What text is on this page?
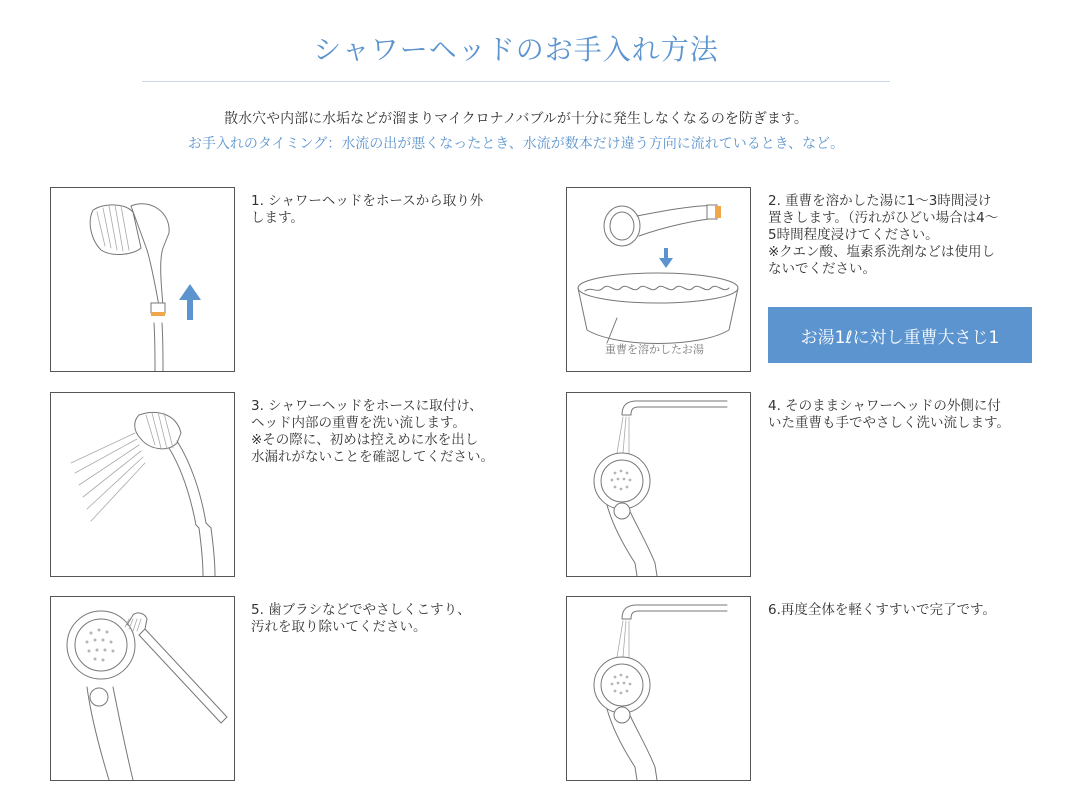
シャワーヘッドのお手入れ方法
散水穴や内部に水垢などが溜まりマイクロナノバブルが十分に発生しなくなるのを防ぎます。
お手入れのタイミング：水流の出が悪くなったとき、水流が数本だけ違う方向に流れているとき、など。
1. シャワーヘッドをホースから取り外
します。
重曹を溶かしたお湯
2. 重曹を溶かした湯に1〜3時間浸け
置きします。（汚れがひどい場合は4〜
5時間程度浸けてください。
※クエン酸、塩素系洗剤などは使用し
ないでください。
お湯1ℓに対し重曹大さじ1
3. シャワーヘッドをホースに取付け、
ヘッド内部の重曹を洗い流します。
※その際に、初めは控えめに水を出し
水漏れがないことを確認してください。
4. そのままシャワーヘッドの外側に付
いた重曹も手でやさしく洗い流します。
5. 歯ブラシなどでやさしくこすり、
汚れを取り除いてください。
6.再度全体を軽くすすいで完了です。
